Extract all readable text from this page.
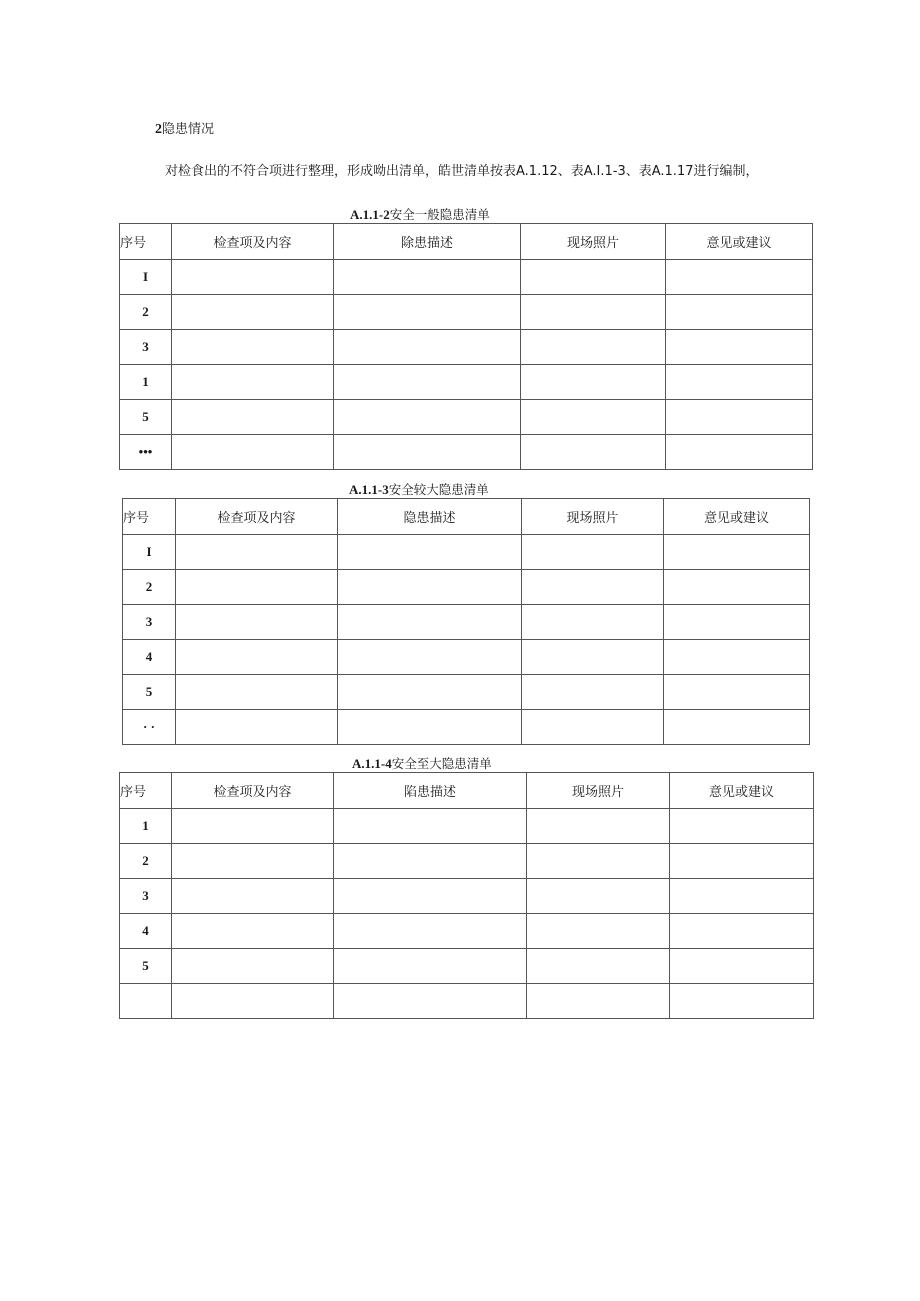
2隐患情况
对检食出的不符合项进行整理，形成呦出清单，皓世清单按表A.1.12、表A.I.1-3、表A.1.17进行编制，
A.1.1-2安全一般隐患清单
序号	检查项及内容	除患描述	现场照片	意见或建议
I				
2				
3				
1				
5				
•••				
A.1.1-3安全较大隐患清单
序号	检查项及内容	隐患描述	现场照片	意见或建议
I				
2				
3				
4				
5				
· ·				
A.1.1-4安全至大隐患清单
序号	检查项及内容	陷患描述	现场照片	意见或建议
1				
2				
3				
4				
5				
